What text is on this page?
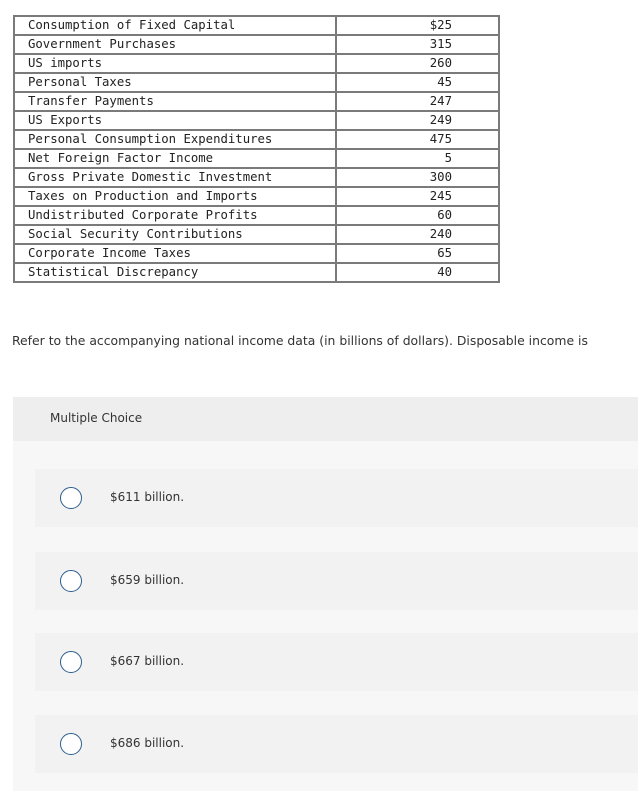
Consumption of Fixed Capital	$25
Government Purchases	315
US imports	260
Personal Taxes	45
Transfer Payments	247
US Exports	249
Personal Consumption Expenditures	475
Net Foreign Factor Income	5
Gross Private Domestic Investment	300
Taxes on Production and Imports	245
Undistributed Corporate Profits	60
Social Security Contributions	240
Corporate Income Taxes	65
Statistical Discrepancy	40
Refer to the accompanying national income data (in billions of dollars). Disposable income is
Multiple Choice
$611 billion.
$659 billion.
$667 billion.
$686 billion.
